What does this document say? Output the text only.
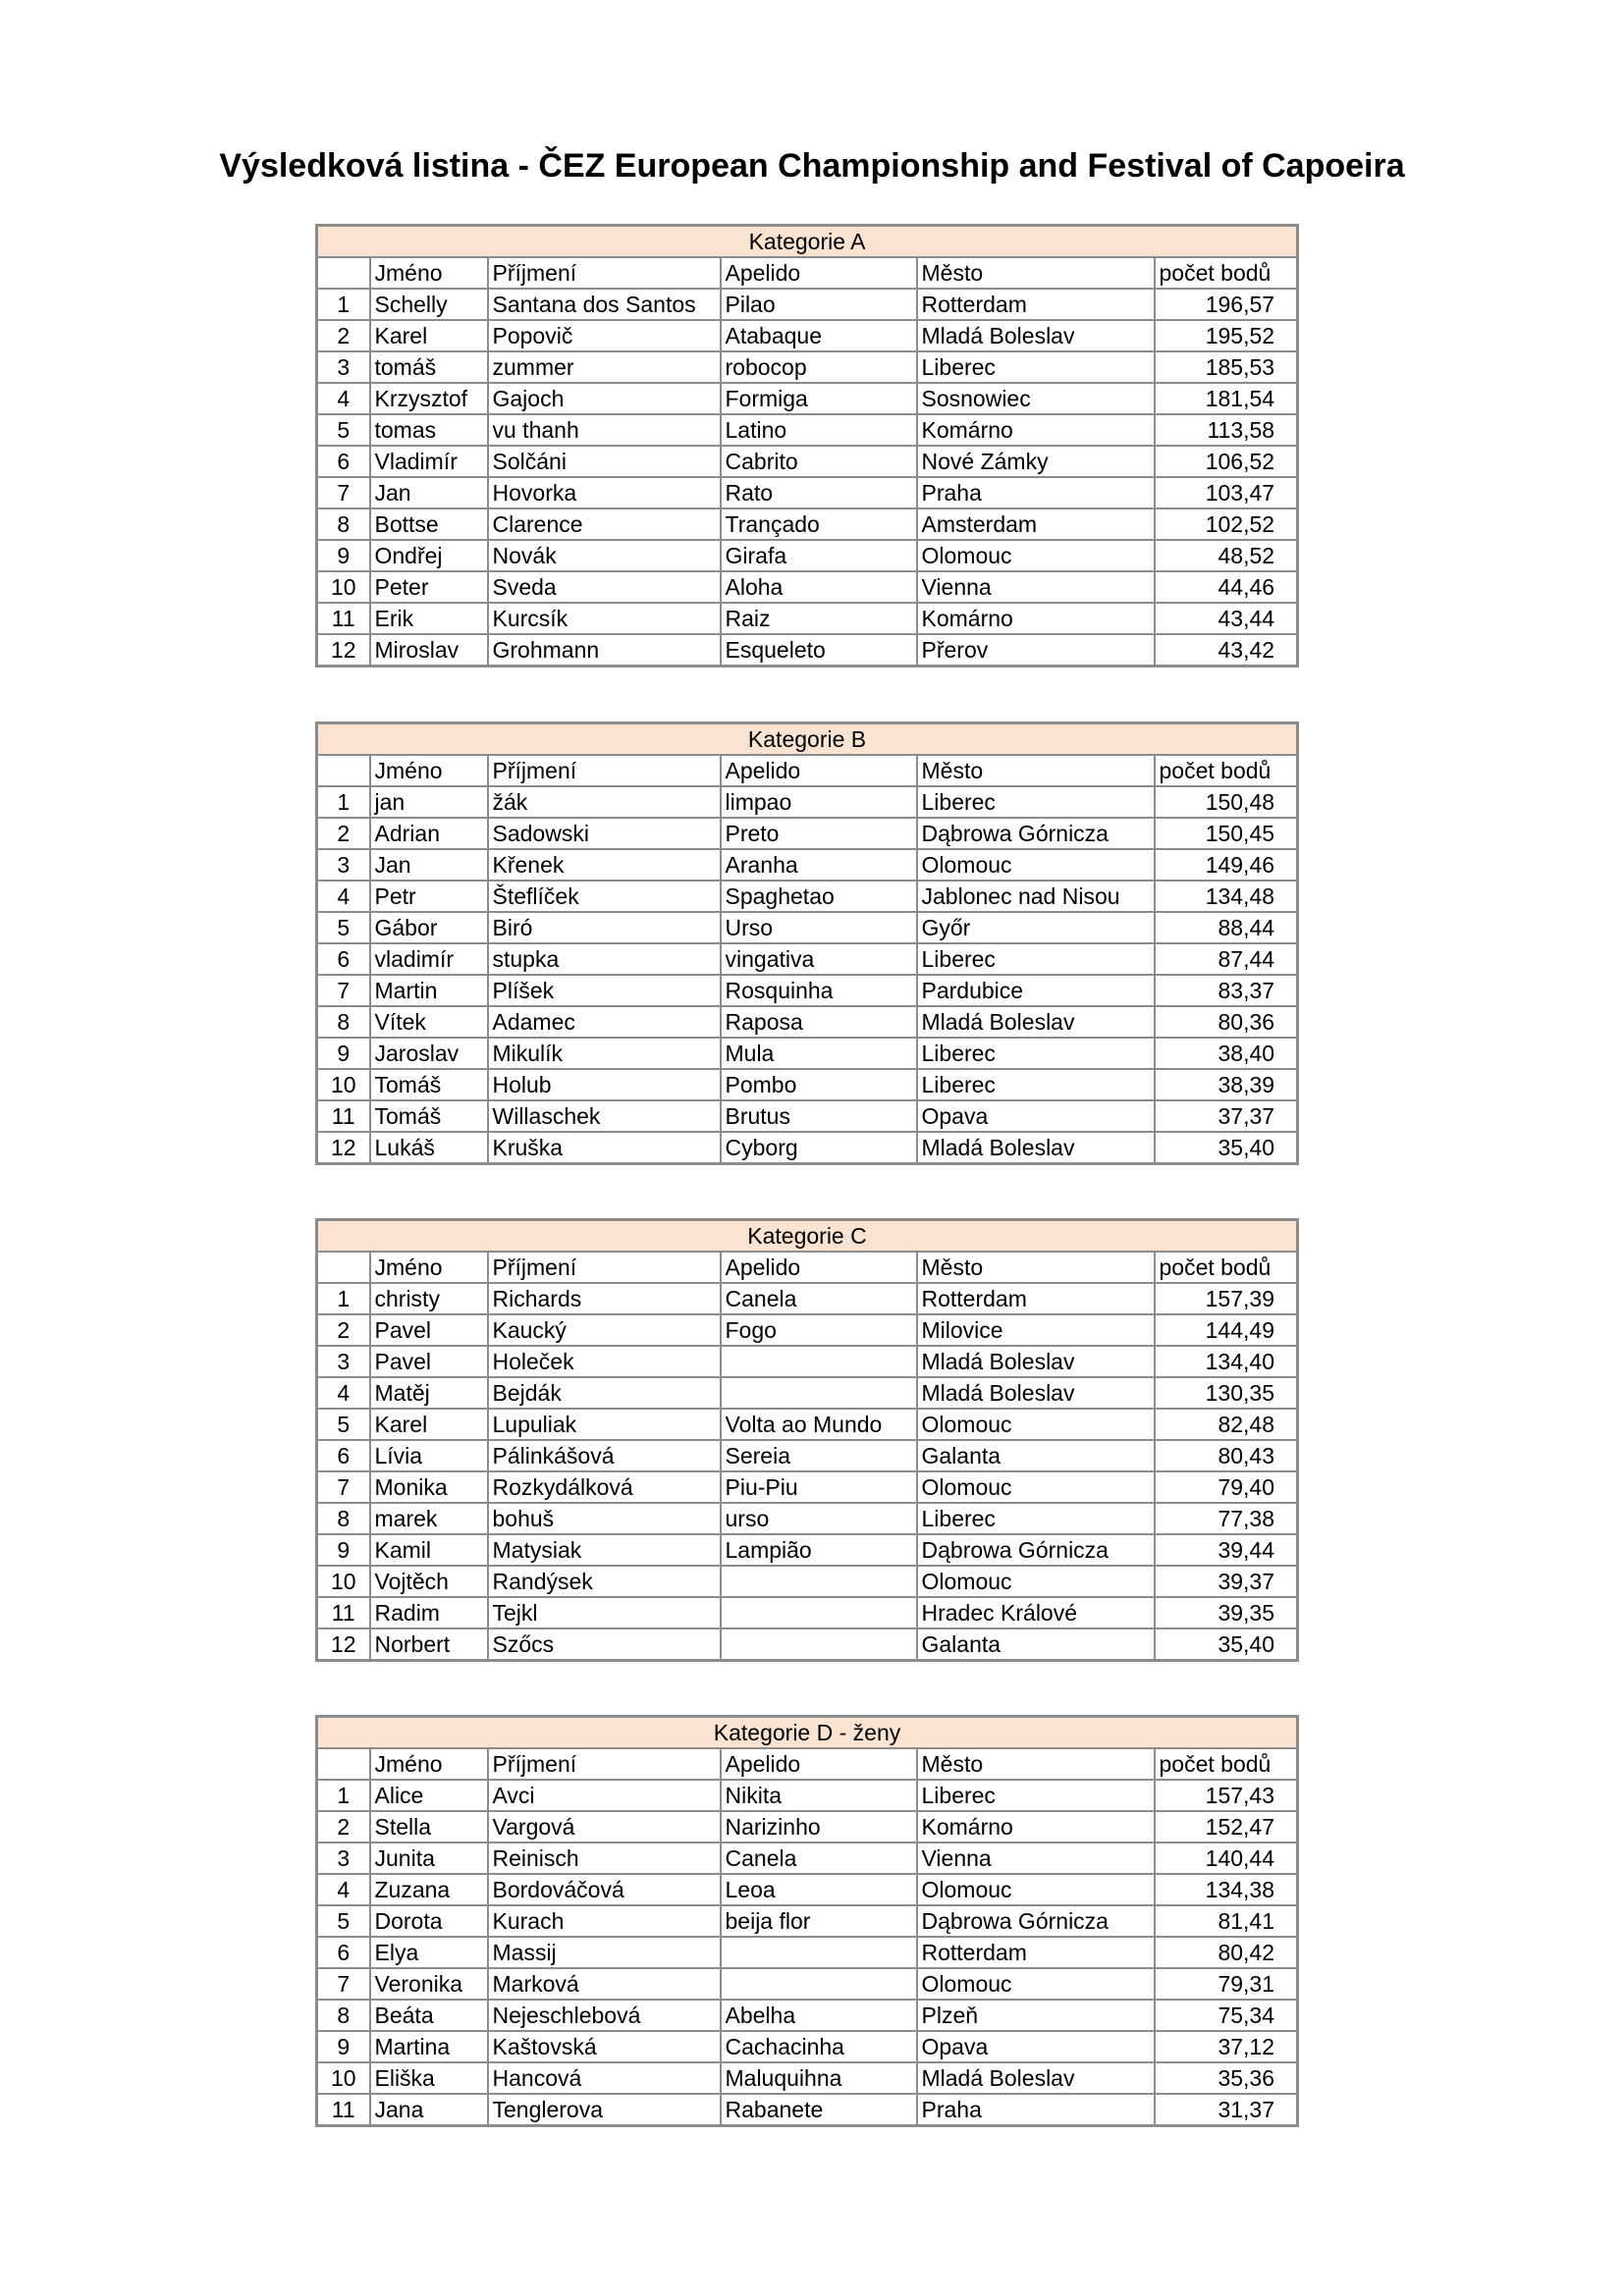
Výsledková listina - ČEZ European Championship and Festival of Capoeira
Kategorie A					
	Jméno	Příjmení	Apelido	Město	počet bodů
1	Schelly	Santana dos Santos	Pilao	Rotterdam	196,57
2	Karel	Popovič	Atabaque	Mladá Boleslav	195,52
3	tomáš	zummer	robocop	Liberec	185,53
4	Krzysztof	Gajoch	Formiga	Sosnowiec	181,54
5	tomas	vu thanh	Latino	Komárno	113,58
6	Vladimír	Solčáni	Cabrito	Nové Zámky	106,52
7	Jan	Hovorka	Rato	Praha	103,47
8	Bottse	Clarence	Trançado	Amsterdam	102,52
9	Ondřej	Novák	Girafa	Olomouc	48,52
10	Peter	Sveda	Aloha	Vienna	44,46
11	Erik	Kurcsík	Raiz	Komárno	43,44
12	Miroslav	Grohmann	Esqueleto	Přerov	43,42
Kategorie B					
	Jméno	Příjmení	Apelido	Město	počet bodů
1	jan	žák	limpao	Liberec	150,48
2	Adrian	Sadowski	Preto	Dąbrowa Górnicza	150,45
3	Jan	Křenek	Aranha	Olomouc	149,46
4	Petr	Šteflíček	Spaghetao	Jablonec nad Nisou	134,48
5	Gábor	Biró	Urso	Győr	88,44
6	vladimír	stupka	vingativa	Liberec	87,44
7	Martin	Plíšek	Rosquinha	Pardubice	83,37
8	Vítek	Adamec	Raposa	Mladá Boleslav	80,36
9	Jaroslav	Mikulík	Mula	Liberec	38,40
10	Tomáš	Holub	Pombo	Liberec	38,39
11	Tomáš	Willaschek	Brutus	Opava	37,37
12	Lukáš	Kruška	Cyborg	Mladá Boleslav	35,40
Kategorie C					
	Jméno	Příjmení	Apelido	Město	počet bodů
1	christy	Richards	Canela	Rotterdam	157,39
2	Pavel	Kaucký	Fogo	Milovice	144,49
3	Pavel	Holeček		Mladá Boleslav	134,40
4	Matěj	Bejdák		Mladá Boleslav	130,35
5	Karel	Lupuliak	Volta ao Mundo	Olomouc	82,48
6	Lívia	Pálinkášová	Sereia	Galanta	80,43
7	Monika	Rozkydálková	Piu-Piu	Olomouc	79,40
8	marek	bohuš	urso	Liberec	77,38
9	Kamil	Matysiak	Lampião	Dąbrowa Górnicza	39,44
10	Vojtěch	Randýsek		Olomouc	39,37
11	Radim	Tejkl		Hradec Králové	39,35
12	Norbert	Szőcs		Galanta	35,40
Kategorie D - ženy					
	Jméno	Příjmení	Apelido	Město	počet bodů
1	Alice	Avci	Nikita	Liberec	157,43
2	Stella	Vargová	Narizinho	Komárno	152,47
3	Junita	Reinisch	Canela	Vienna	140,44
4	Zuzana	Bordováčová	Leoa	Olomouc	134,38
5	Dorota	Kurach	beija flor	Dąbrowa Górnicza	81,41
6	Elya	Massij		Rotterdam	80,42
7	Veronika	Marková		Olomouc	79,31
8	Beáta	Nejeschlebová	Abelha	Plzeň	75,34
9	Martina	Kaštovská	Cachacinha	Opava	37,12
10	Eliška	Hancová	Maluquihna	Mladá Boleslav	35,36
11	Jana	Tenglerova	Rabanete	Praha	31,37
